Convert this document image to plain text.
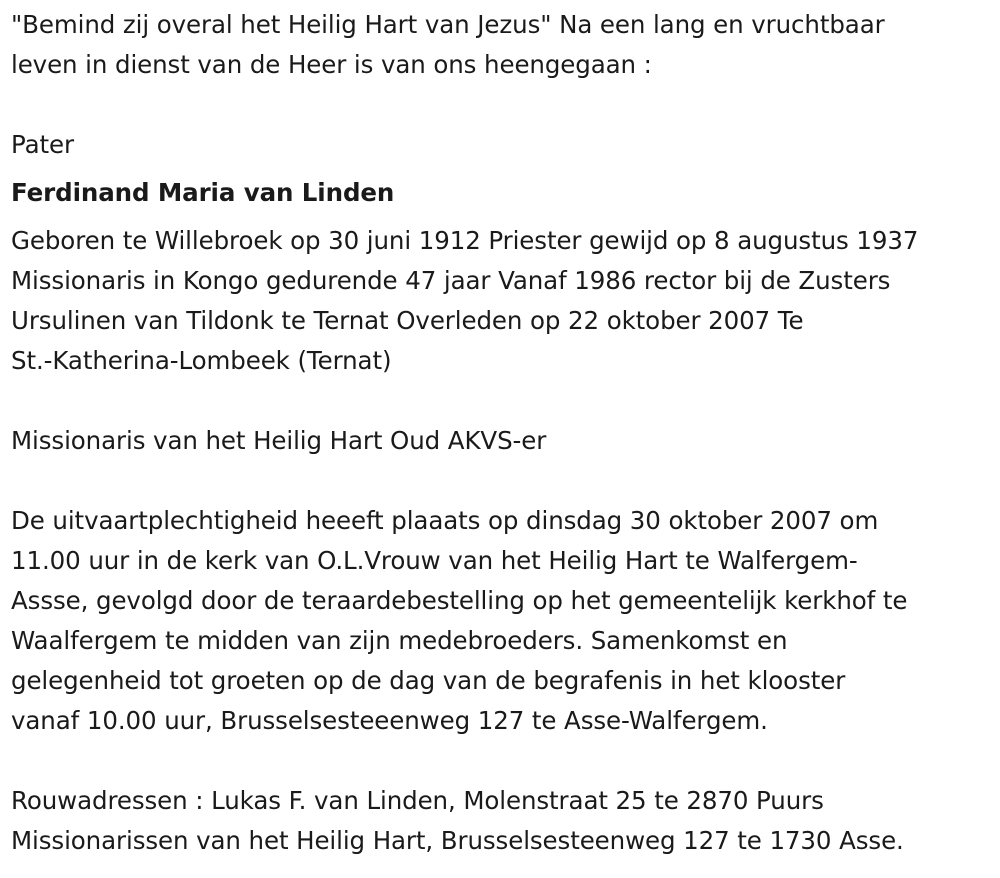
"Bemind zij overal het Heilig Hart van Jezus" Na een lang en vruchtbaar
leven in dienst van de Heer is van ons heengegaan :
Pater
Ferdinand Maria van Linden
Geboren te Willebroek op 30 juni 1912 Priester gewijd op 8 augustus 1937
Missionaris in Kongo gedurende 47 jaar Vanaf 1986 rector bij de Zusters
Ursulinen van Tildonk te Ternat Overleden op 22 oktober 2007 Te
St.-Katherina-Lombeek (Ternat)
Missionaris van het Heilig Hart Oud AKVS-er
De uitvaartplechtigheid heeeft plaaats op dinsdag 30 oktober 2007 om
11.00 uur in de kerk van O.L.Vrouw van het Heilig Hart te Walfergem-
Assse, gevolgd door de teraardebestelling op het gemeentelijk kerkhof te
Waalfergem te midden van zijn medebroeders. Samenkomst en
gelegenheid tot groeten op de dag van de begrafenis in het klooster
vanaf 10.00 uur, Brusselsesteeenweg 127 te Asse-Walfergem.
Rouwadressen : Lukas F. van Linden, Molenstraat 25 te 2870 Puurs
Missionarissen van het Heilig Hart, Brusselsesteenweg 127 te 1730 Asse.
